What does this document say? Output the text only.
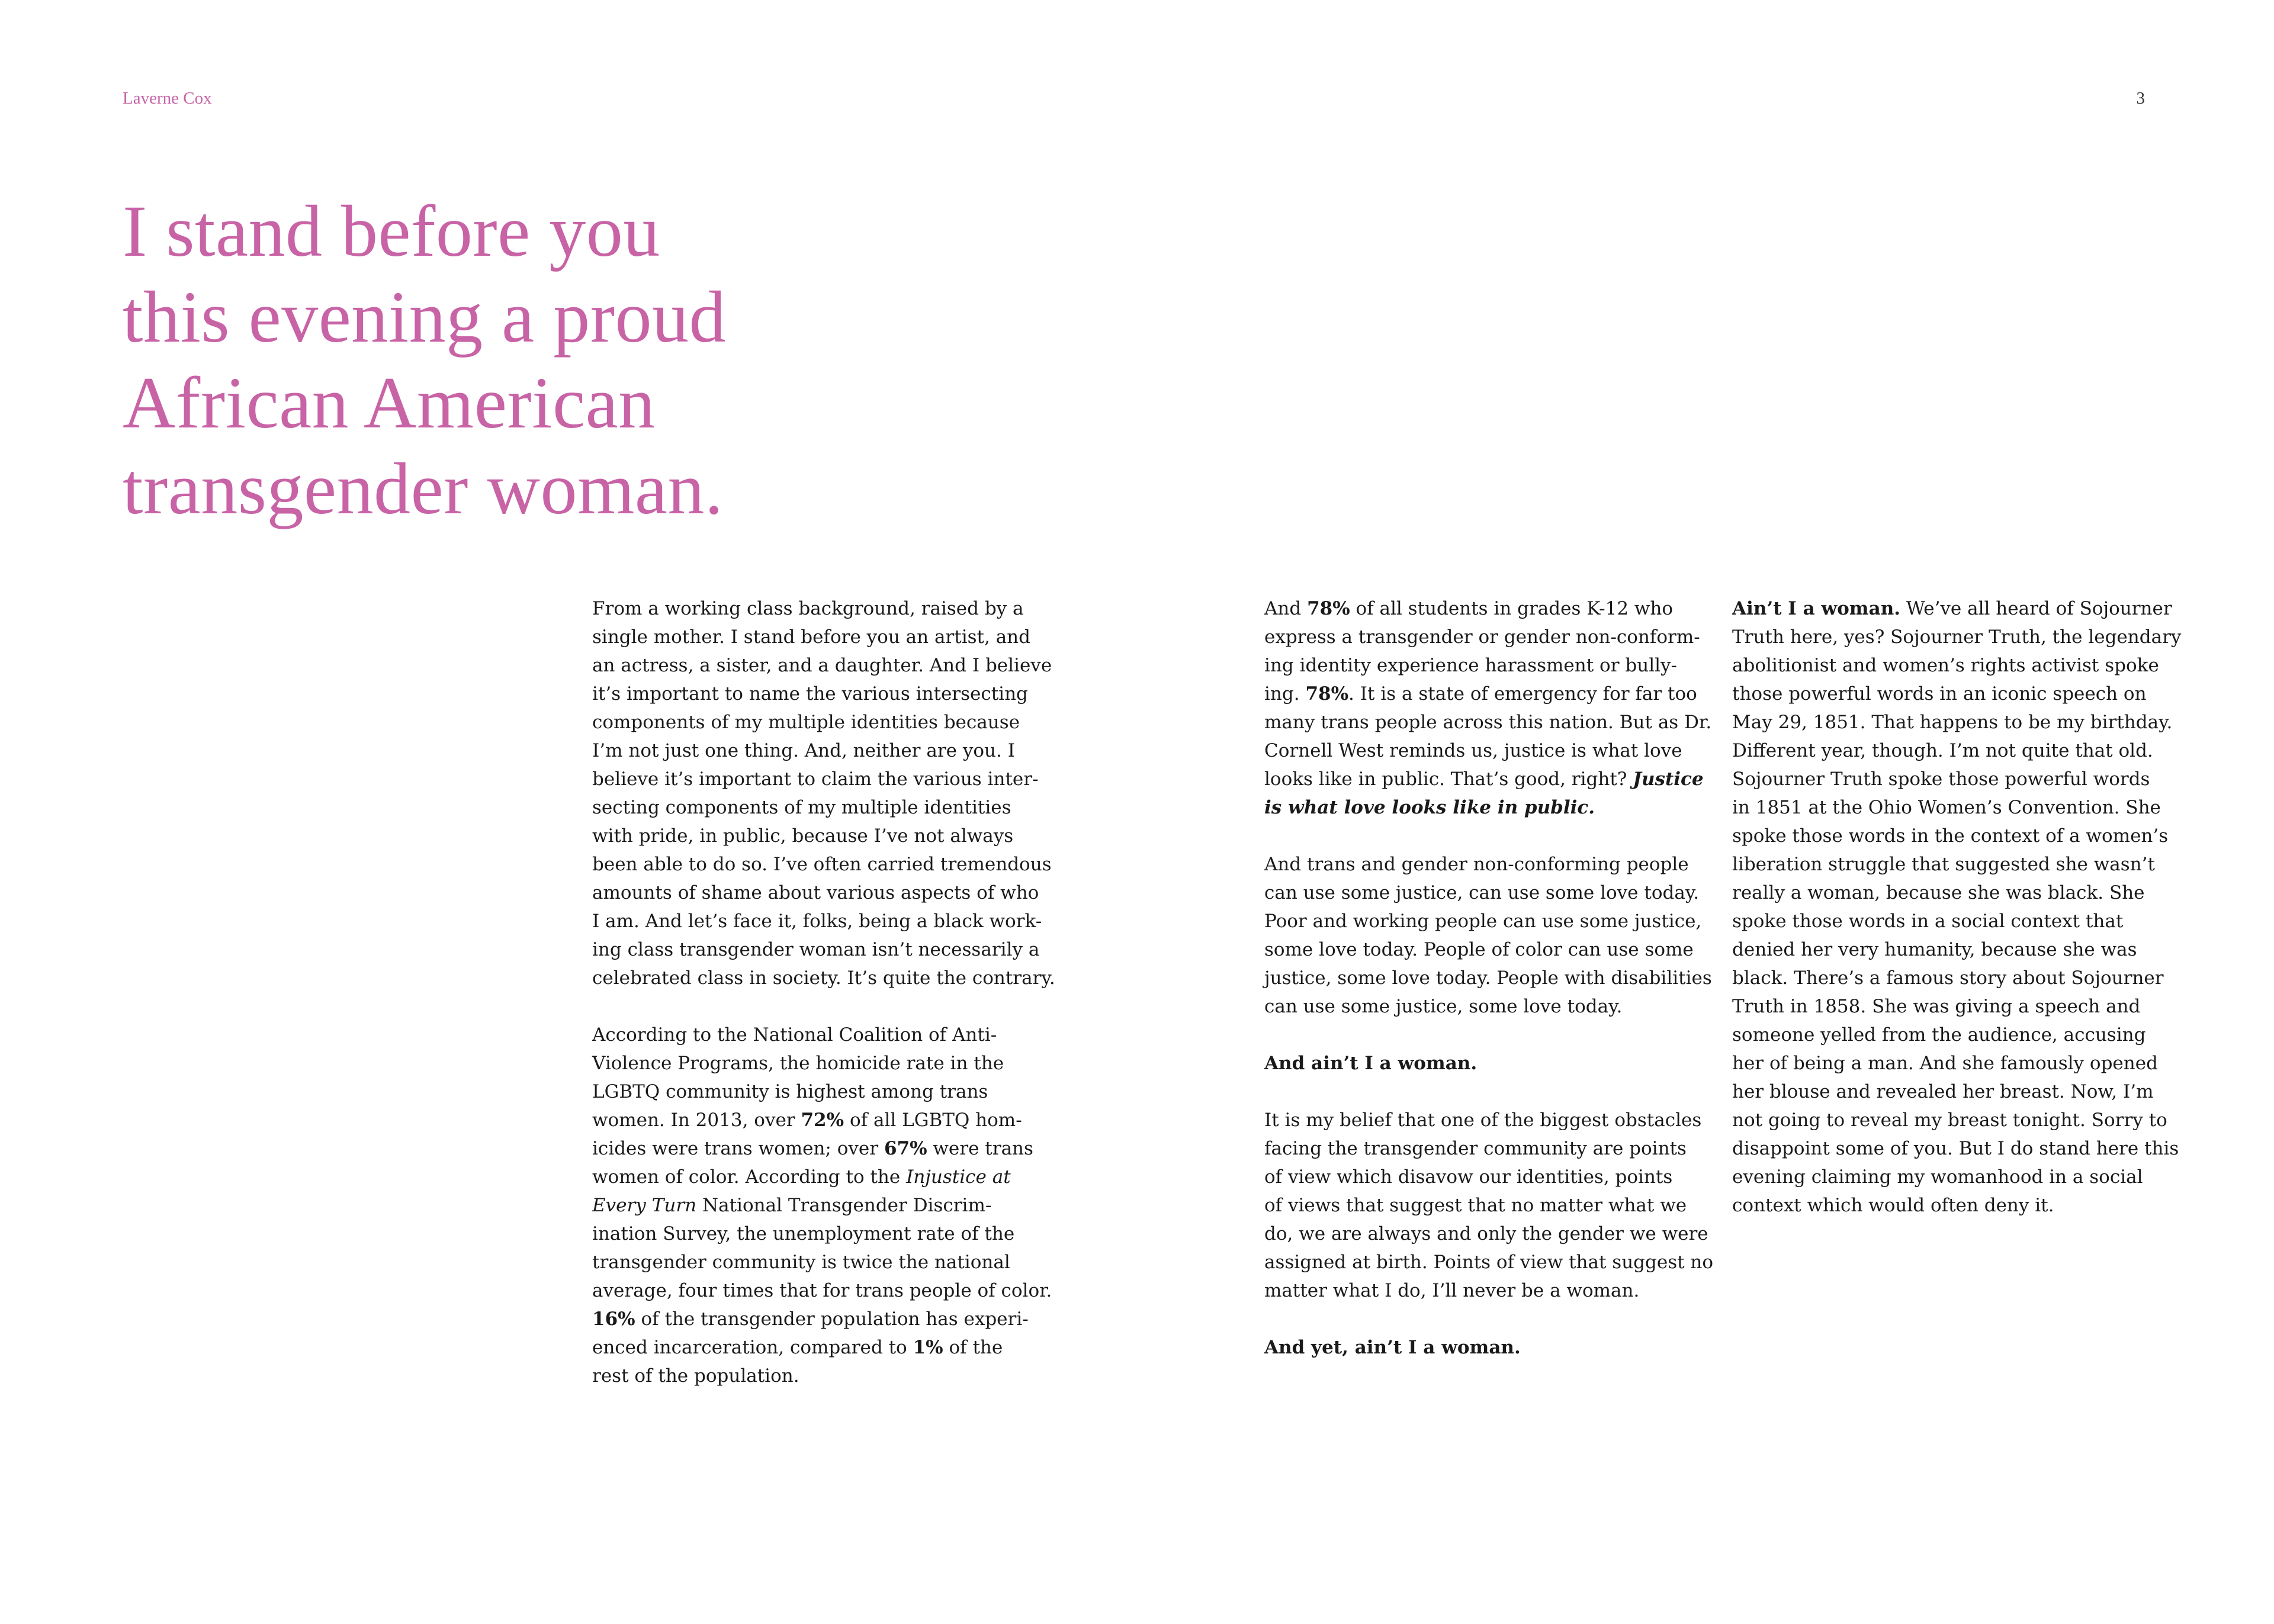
Laverne Cox	3
I stand before you
this evening a proud
African American
transgender woman.

From a working class background, raised by a
single mother. I stand before you an artist, and
an actress, a sister, and a daughter. And I believe
it’s important to name the various intersecting
components of my multiple identities because
I’m not just one thing. And, neither are you. I
believe it’s important to claim the various inter-
secting components of my multiple identities
with pride, in public, because I’ve not always
been able to do so. I’ve often carried tremendous
amounts of shame about various aspects of who
I am. And let’s face it, folks, being a black work-
ing class transgender woman isn’t necessarily a
celebrated class in society. It’s quite the contrary.

According to the National Coalition of Anti-
Violence Programs, the homicide rate in the
LGBTQ community is highest among trans
women. In 2013, over 72% of all LGBTQ hom-
icides were trans women; over 67% were trans
women of color. According to the Injustice at
Every Turn National Transgender Discrim-
ination Survey, the unemployment rate of the
transgender community is twice the national
average, four times that for trans people of color.
16% of the transgender population has experi-
enced incarceration, compared to 1% of the
rest of the population.

And 78% of all students in grades K-12 who
express a transgender or gender non-conform-
ing identity experience harassment or bully-
ing. 78%. It is a state of emergency for far too
many trans people across this nation. But as Dr.
Cornell West reminds us, justice is what love
looks like in public. That’s good, right? Justice
is what love looks like in public.

And trans and gender non-conforming people
can use some justice, can use some love today.
Poor and working people can use some justice,
some love today. People of color can use some
justice, some love today. People with disabilities
can use some justice, some love today.

And ain’t I a woman.

It is my belief that one of the biggest obstacles
facing the transgender community are points
of view which disavow our identities, points
of views that suggest that no matter what we
do, we are always and only the gender we were
assigned at birth. Points of view that suggest no
matter what I do, I’ll never be a woman.

And yet, ain’t I a woman.

Ain’t I a woman. We’ve all heard of Sojourner
Truth here, yes? Sojourner Truth, the legendary
abolitionist and women’s rights activist spoke
those powerful words in an iconic speech on
May 29, 1851. That happens to be my birthday.
Different year, though. I’m not quite that old.
Sojourner Truth spoke those powerful words
in 1851 at the Ohio Women’s Convention. She
spoke those words in the context of a women’s
liberation struggle that suggested she wasn’t
really a woman, because she was black. She
spoke those words in a social context that
denied her very humanity, because she was
black. There’s a famous story about Sojourner
Truth in 1858. She was giving a speech and
someone yelled from the audience, accusing
her of being a man. And she famously opened
her blouse and revealed her breast. Now, I’m
not going to reveal my breast tonight. Sorry to
disappoint some of you. But I do stand here this
evening claiming my womanhood in a social
context which would often deny it.
